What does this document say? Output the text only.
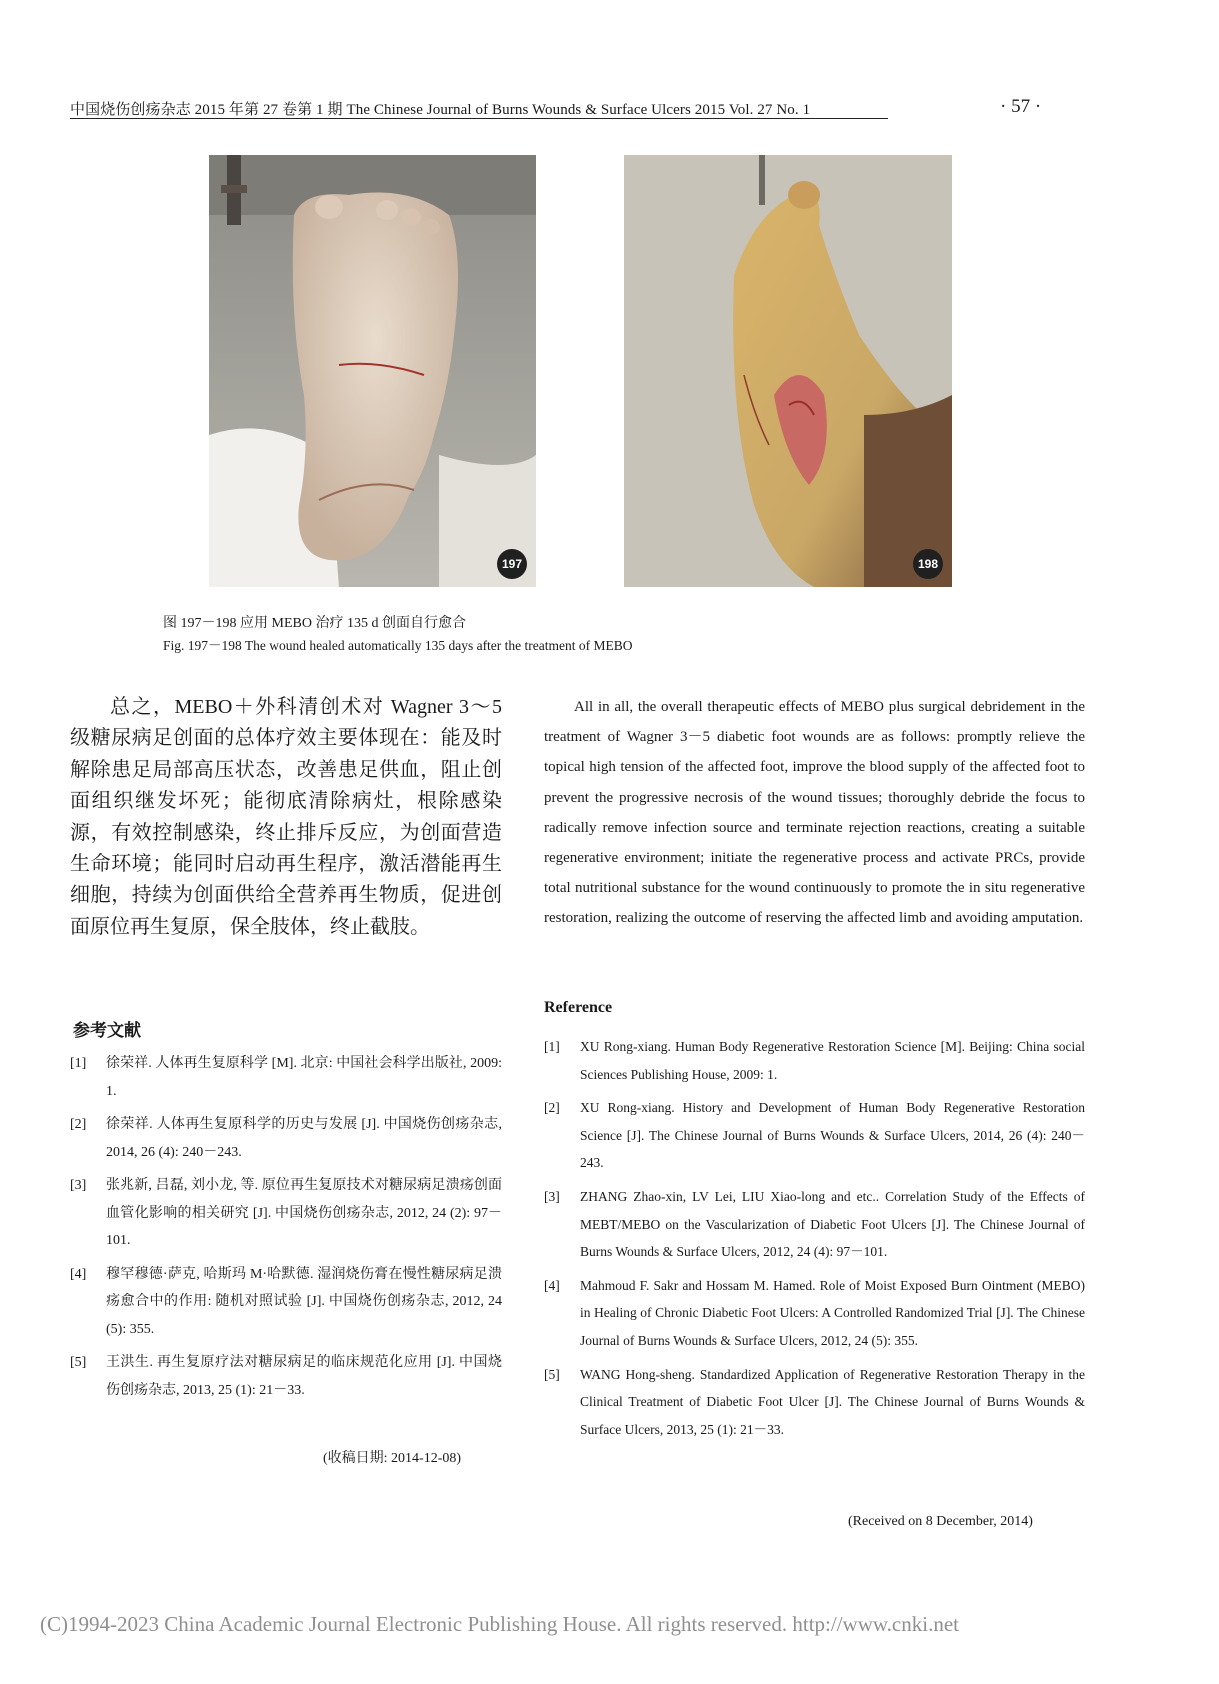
中国烧伤创疡杂志 2015 年第 27 卷第 1 期 The Chinese Journal of Burns Wounds & Surface Ulcers 2015 Vol. 27 No. 1	· 57 ·
197	198
图 197－198 应用 MEBO 治疗 135 d 创面自行愈合
Fig. 197－198 The wound healed automatically 135 days after the treatment of MEBO

总之，MEBO＋外科清创术对 Wagner 3～5 级糖尿病足创面的总体疗效主要体现在：能及时解除患足局部高压状态，改善患足供血，阻止创面组织继发坏死；能彻底清除病灶，根除感染源，有效控制感染，终止排斥反应，为创面营造生命环境；能同时启动再生程序，激活潜能再生细胞，持续为创面供给全营养再生物质，促进创面原位再生复原，保全肢体，终止截肢。

All in all, the overall therapeutic effects of MEBO plus surgical debridement in the treatment of Wagner 3－5 diabetic foot wounds are as follows: promptly relieve the topical high tension of the affected foot, improve the blood supply of the affected foot to prevent the progressive necrosis of the wound tissues; thoroughly debride the focus to radically remove infection source and terminate rejection reactions, creating a suitable regenerative environment; initiate the regenerative process and activate PRCs, provide total nutritional substance for the wound continuously to promote the in situ regenerative restoration, realizing the outcome of reserving the affected limb and avoiding amputation.

参考文献
Reference
[1] 徐荣祥. 人体再生复原科学 [M]. 北京: 中国社会科学出版社, 2009: 1.
[2] 徐荣祥. 人体再生复原科学的历史与发展 [J]. 中国烧伤创疡杂志, 2014, 26 (4): 240－243.
[3] 张兆新, 吕磊, 刘小龙, 等. 原位再生复原技术对糖尿病足溃疡创面血管化影响的相关研究 [J]. 中国烧伤创疡杂志, 2012, 24 (2): 97－101.
[4] 穆罕穆德·萨克, 哈斯玛 M·哈默德. 湿润烧伤膏在慢性糖尿病足溃疡愈合中的作用: 随机对照试验 [J]. 中国烧伤创疡杂志, 2012, 24 (5): 355.
[5] 王洪生. 再生复原疗法对糖尿病足的临床规范化应用 [J]. 中国烧伤创疡杂志, 2013, 25 (1): 21－33.
[1] XU Rong-xiang. Human Body Regenerative Restoration Science [M]. Beijing: China social Sciences Publishing House, 2009: 1.
[2] XU Rong-xiang. History and Development of Human Body Regenerative Restoration Science [J]. The Chinese Journal of Burns Wounds & Surface Ulcers, 2014, 26 (4): 240－243.
[3] ZHANG Zhao-xin, LV Lei, LIU Xiao-long and etc.. Correlation Study of the Effects of MEBT/MEBO on the Vascularization of Diabetic Foot Ulcers [J]. The Chinese Journal of Burns Wounds & Surface Ulcers, 2012, 24 (4): 97－101.
[4] Mahmoud F. Sakr and Hossam M. Hamed. Role of Moist Exposed Burn Ointment (MEBO) in Healing of Chronic Diabetic Foot Ulcers: A Controlled Randomized Trial [J]. The Chinese Journal of Burns Wounds & Surface Ulcers, 2012, 24 (5): 355.
[5] WANG Hong-sheng. Standardized Application of Regenerative Restoration Therapy in the Clinical Treatment of Diabetic Foot Ulcer [J]. The Chinese Journal of Burns Wounds & Surface Ulcers, 2013, 25 (1): 21－33.
(收稿日期: 2014-12-08)
(Received on 8 December, 2014)
(C)1994-2023 China Academic Journal Electronic Publishing House. All rights reserved. http://www.cnki.net
